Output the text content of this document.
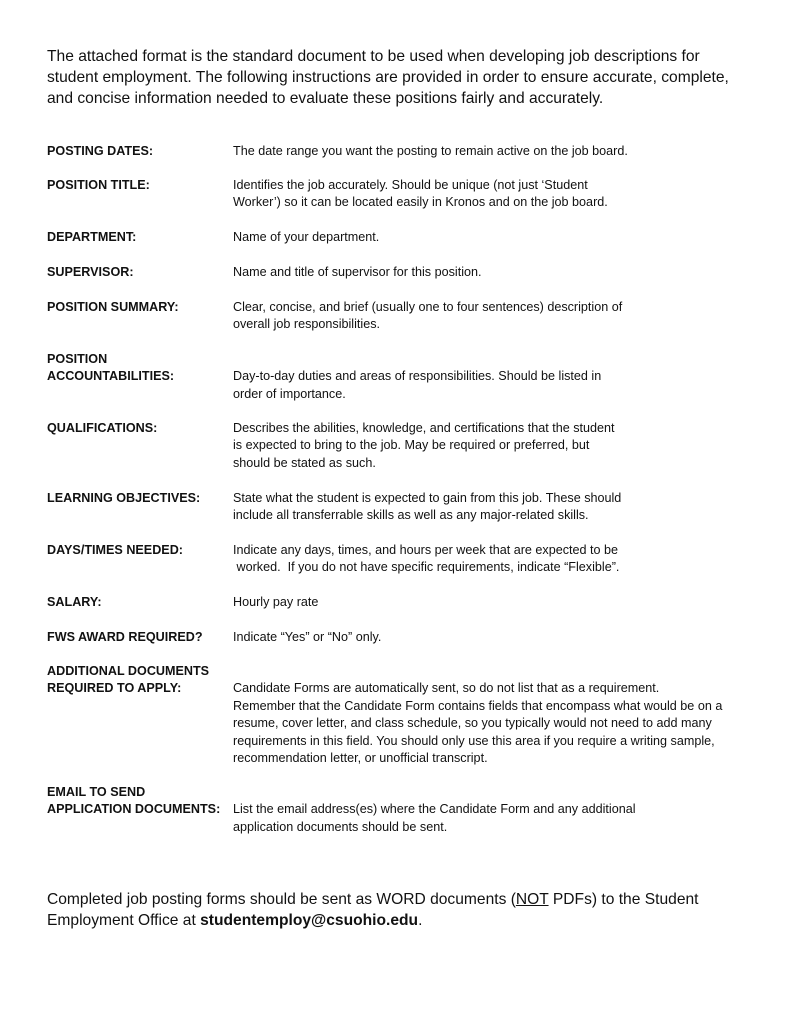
The attached format is the standard document to be used when developing job descriptions for
student employment. The following instructions are provided in order to ensure accurate, complete,
and concise information needed to evaluate these positions fairly and accurately.

POSTING DATES:	The date range you want the posting to remain active on the job board.
POSITION TITLE:	Identifies the job accurately. Should be unique (not just ‘Student
Worker’) so it can be located easily in Kronos and on the job board.
DEPARTMENT:	Name of your department.
SUPERVISOR:	Name and title of supervisor for this position.
POSITION SUMMARY:	Clear, concise, and brief (usually one to four sentences) description of
overall job responsibilities.
POSITION
ACCOUNTABILITIES:	Day-to-day duties and areas of responsibilities. Should be listed in
order of importance.
QUALIFICATIONS:	Describes the abilities, knowledge, and certifications that the student
is expected to bring to the job. May be required or preferred, but
should be stated as such.
LEARNING OBJECTIVES:	State what the student is expected to gain from this job. These should
include all transferrable skills as well as any major-related skills.
DAYS/TIMES NEEDED:	Indicate any days, times, and hours per week that are expected to be
worked.  If you do not have specific requirements, indicate “Flexible”.
SALARY:	Hourly pay rate
FWS AWARD REQUIRED?	Indicate “Yes” or “No” only.
ADDITIONAL DOCUMENTS
REQUIRED TO APPLY:	Candidate Forms are automatically sent, so do not list that as a requirement.
Remember that the Candidate Form contains fields that encompass what would be on a
resume, cover letter, and class schedule, so you typically would not need to add many
requirements in this field. You should only use this area if you require a writing sample,
recommendation letter, or unofficial transcript.
EMAIL TO SEND
APPLICATION DOCUMENTS:	List the email address(es) where the Candidate Form and any additional
application documents should be sent.
Completed job posting forms should be sent as WORD documents (NOT PDFs) to the Student
Employment Office at studentemploy@csuohio.edu.
